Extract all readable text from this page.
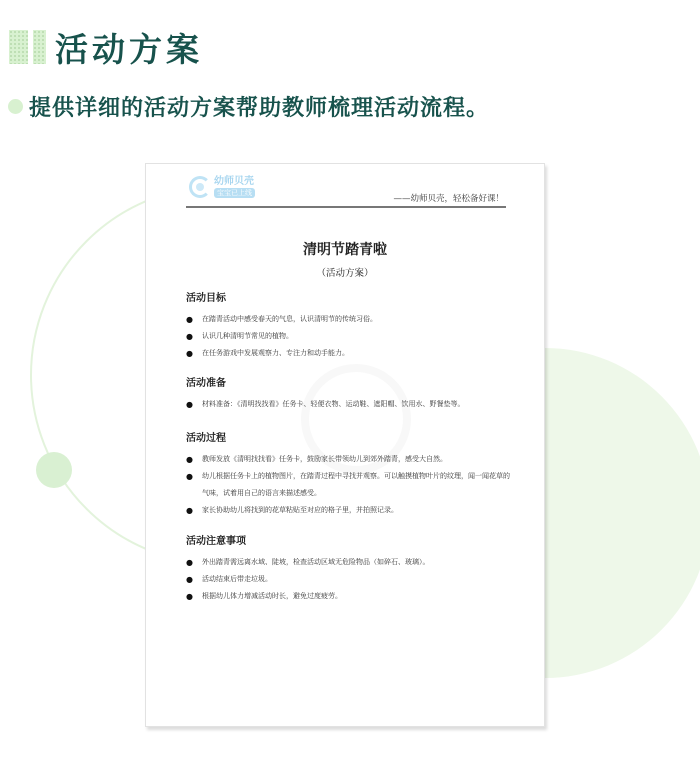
活动方案
提供详细的活动方案帮助教师梳理活动流程。
幼师贝壳
宝宝已上线
——幼师贝壳，轻松备好课！
清明节踏青啦
（活动方案）
活动目标
●	在踏青活动中感受春天的气息，认识清明节的传统习俗。
●	认识几种清明节常见的植物。
●	在任务游戏中发展观察力、专注力和动手能力。
活动准备
●	材料准备：《清明找找看》任务卡、轻便衣物、运动鞋、遮阳帽、饮用水、野餐垫等。
活动过程
●	教师发放《清明找找看》任务卡，鼓励家长带领幼儿到郊外踏青，感受大自然。
●	幼儿根据任务卡上的植物图片，在踏青过程中寻找并观察。可以触摸植物叶片的纹理，闻一闻花草的气味，试着用自己的语言来描述感受。
●	家长协助幼儿将找到的花草粘贴至对应的格子里，并拍照记录。
活动注意事项
●	外出踏青需远离水域、陡坡，检查活动区域无危险物品（如碎石、玻璃）。
●	活动结束后带走垃圾。
●	根据幼儿体力增减活动时长，避免过度疲劳。
